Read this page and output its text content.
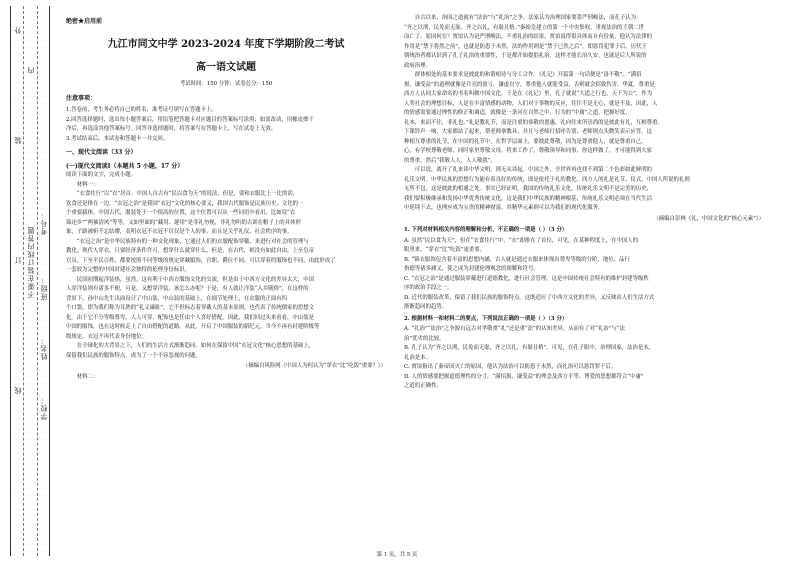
外
装
订
线
内
不要在装订线内答题
考号：
班级：
姓名：
学校：
绝密★启用前
九江市同文中学 2023-2024 年度下学期阶段二考试
高一语文试题
考试时间：150 分钟；试卷总分：150
注意事项：

1.答卷前，考生务必将自己的姓名、准考证号填写在答题卡上。

2.回答选择题时，选出每小题答案后，用铅笔把答题卡对应题目的答案标号涂黑；如需改动，用橡皮擦干

净后，再选涂其他答案标号。回答非选择题时，将答案写在答题卡上，写在试卷上无效。

3.考试结束后，本试卷和答题卡一并交回。

一、现代文阅读（33 分）

(一)现代文阅读Ⅰ（本题共 5 小题，17 分）

阅读下面的文字，完成小题。

材料一：

“衣食住行”以“衣”居首。中国人自古有“民以食为天”的说法，但是，要和衣服比上一比的话，

饮食还是排在一边。“衣冠之治”是我国“衣冠”文化的核心要义，我国古代服饰是民族历史、文化的一

个重要载体。中国古代，服装处于一个很高的位置，这个位置可以从一些词语中看出，比如说“衣

锦还乡”“两袖清风”等等，又如里面的“藏用、邃用”是非礼勿视，非礼勿听的古训在帽子上的具体形

象，子路被斩不忘结缨，表明衣冠不衣冠不仅仅是个人的事，而且是关乎礼仪、社会秩序的事。

“衣冠之治”是中华民族特有的一种文化现象，它通过人们的衣服配饰穿戴，来进行对社会的管理与

教化。现代人穿衣，只要经济条件许可，想穿什么就穿什么，但是，在古代，则没有如此自由，上至皇帝

官员，下至平民百姓，都要按照不同等级的规定穿戴服饰，官职、爵位不同，可以穿着的服饰也不同，由此形成了

一套较为完整的中国封建社会独特的伦理身份标识。

民国初期起洋装热，虽然，这有利于中西方服饰文化的交流，但是由于中西方文化的差异太大，中国

人穿洋装则有诸多不便，可是，又想穿洋装，该怎么办呢？于是，有人就让洋装“入乡随俗”，在这样的

背景下，孙中山先生出面设计了中山装，中山装的基础上，在细节处理上，在衣服的正面有四

个口袋，即为我们称为耳熟的“礼义廉耻”，它不但标志着穿戴人的基本原则，也代表了传统儒家的思想文

化。由于它不分等级尊卑，人人可穿，配饰也是任由个人喜好搭配。因此，我们回过头来看看，中山装是

中国的服饰，也在这时候走上了自由搭配的道路。从此，开启了中国服装的新纪元，当今不再有封建阶级等

级规定，衣冠不再代表身份地位。

在全球化的大背景之下，人们的生活方式渐渐趋同。如何在保留中国“衣冠文化”核心思想的基础上，

保留我们民族的服饰特点，成为了一个不容忽视的问题。

（摘编自风险网《中国人为何认为“穿衣”比“吃饭”重要？》）

材料二：

自古以来，治国之道就有“法治”与“礼治”之争。法家认为治理国家要靠严刑峻法，而孔子认为：

“齐之以刑，民免而无耻。齐之以礼，有耻且格。”秦始皇建立的第一个中央集权，重视法治的王朝二世

而亡了，原因何在？贾谊认为是严刑峻法，不重礼治的结果，贾谊说得很具体而且有份量，他认为法律的

作用是“禁于将然之前”，也就是防患于未然。法的作用则是“禁于已然之后”，即惩罚犯罪于后。历代王

朝统治者都认识到了孔子礼治的重要性，于是都开始提倡礼治，这样才能长治久安，也就是后人所说的

政府治理。

群体相处的基本要求是彼此的和谐相待与分工合作。《礼记》开篇第一句话便是“毋不敬”。“满招

损，谦受益”的道理就像是月亮的盈亏，谦虚自守，尊重他人就能受益，否则就会招致伤害。华夏，尊重是

西方人认同大家命名的书名叫做中国文化。于是在《礼记》里，孔子就说“大道之行也，天下为公”，作为

人类社会的理想目标，人是在丰富情感的动物，人们对于事物的反应，往往不是无心，就是不及，因此，人

的情感需要通过理性的修正和调适，就像是一条河在自然之中，行为的“中庸”之道，把握好度。

礼本，来而不往，非礼也。”礼是教礼节，而是注重的恭敬的恩惠，礼向往来所崇尚的是彼此有礼，互相尊重。

下课铃声一响，大家都站了起来，帮老师拿教具，并且与老师打招呼告别，老师则点头微笑表示应答。这

种相互尊重的礼节，在中国的礼节中，在哲学层面上，要彼此尊敬，因为是尊重他人，就是尊重自己。

心，有学校尊敬老师，同时家里尊敬父母，将来工作了，尊敬领导和同事，你这样做了，才可能得到大家

的尊重，然后“我敬人人，人人敬我”。

可以说，离开了礼来谈中华文明，则无从谈起。中国之外，全世界再也找不到第二个色彩如此鲜明的

礼乐文明。中华民族的思想行为能有着良好的传统，即是依托于礼的教化。西方人的礼是礼节、仪式，中国人所说的礼则

无所不包，这是彼此的相通之处。事实已经证明，我国的传统礼乐文化，传统礼乐文明不是完美的历史，

我们要积极继承和发扬中华优秀传统文化，这是我们中华民族的精神根基，传统礼乐文明必须在当代生活

中延续下去，也理应成为宝贵的精神财富，其精华元素则可以为我们的现代化服务。

（摘编自彭林《礼，中国文化的“核心元素”》）

1. 下列对材料相关内容的理解和分析，不正确的一项是（ ）（3 分）

A. 虽然“民以食为天”，但在“衣食住行”中，“衣”却排在了首位，可见，在某种程度上，在中国人的

眼里来，“穿衣”比“吃饭”更重要。

B. “锦衣服饰包含着丰富的思想内涵，古人就是通过衣服来体现出尊卑等级的分阶，地位、品行

指德等诸多涵义，使之成为封建伦理观念的图解和符号。

C. “衣冠之治”是通过服装穿戴进行道德教化，进行社会管理，这是中国传统社会特有的维护封建等级秩

序的政治手段之一。

D. 近代的服装改革，保留了我们民族的服饰特点。这既适应了中西方文化的差异，又反映出人们生活方式

渐渐趋同的趋势。

2. 根据材料一和材料二的要点，下列说法正确的一项是（ ）（3 分）

A. “礼治”“法治”之争源自远古对孝敬重“礼”还是重“法”的认知差异，从而有了对“礼治”与“法

治”优劣的比较。

B. 孔子认为“齐之以刑，民免而无耻，齐之以礼，有耻且格”，可见，在孔子眼中，治理国家，法治是末，

礼治是本。

C. 贾谊指出了秦帝国灭亡的原因，他认为法治可以防患于未然，而礼治可以惩罚罪于后。

D. 人的情感要把握道德理性的分寸，“满招损，谦受益”的理念及西方平等、博爱的思想都符合“中庸”

之道的正确性。

第 1 页，共 5 页
